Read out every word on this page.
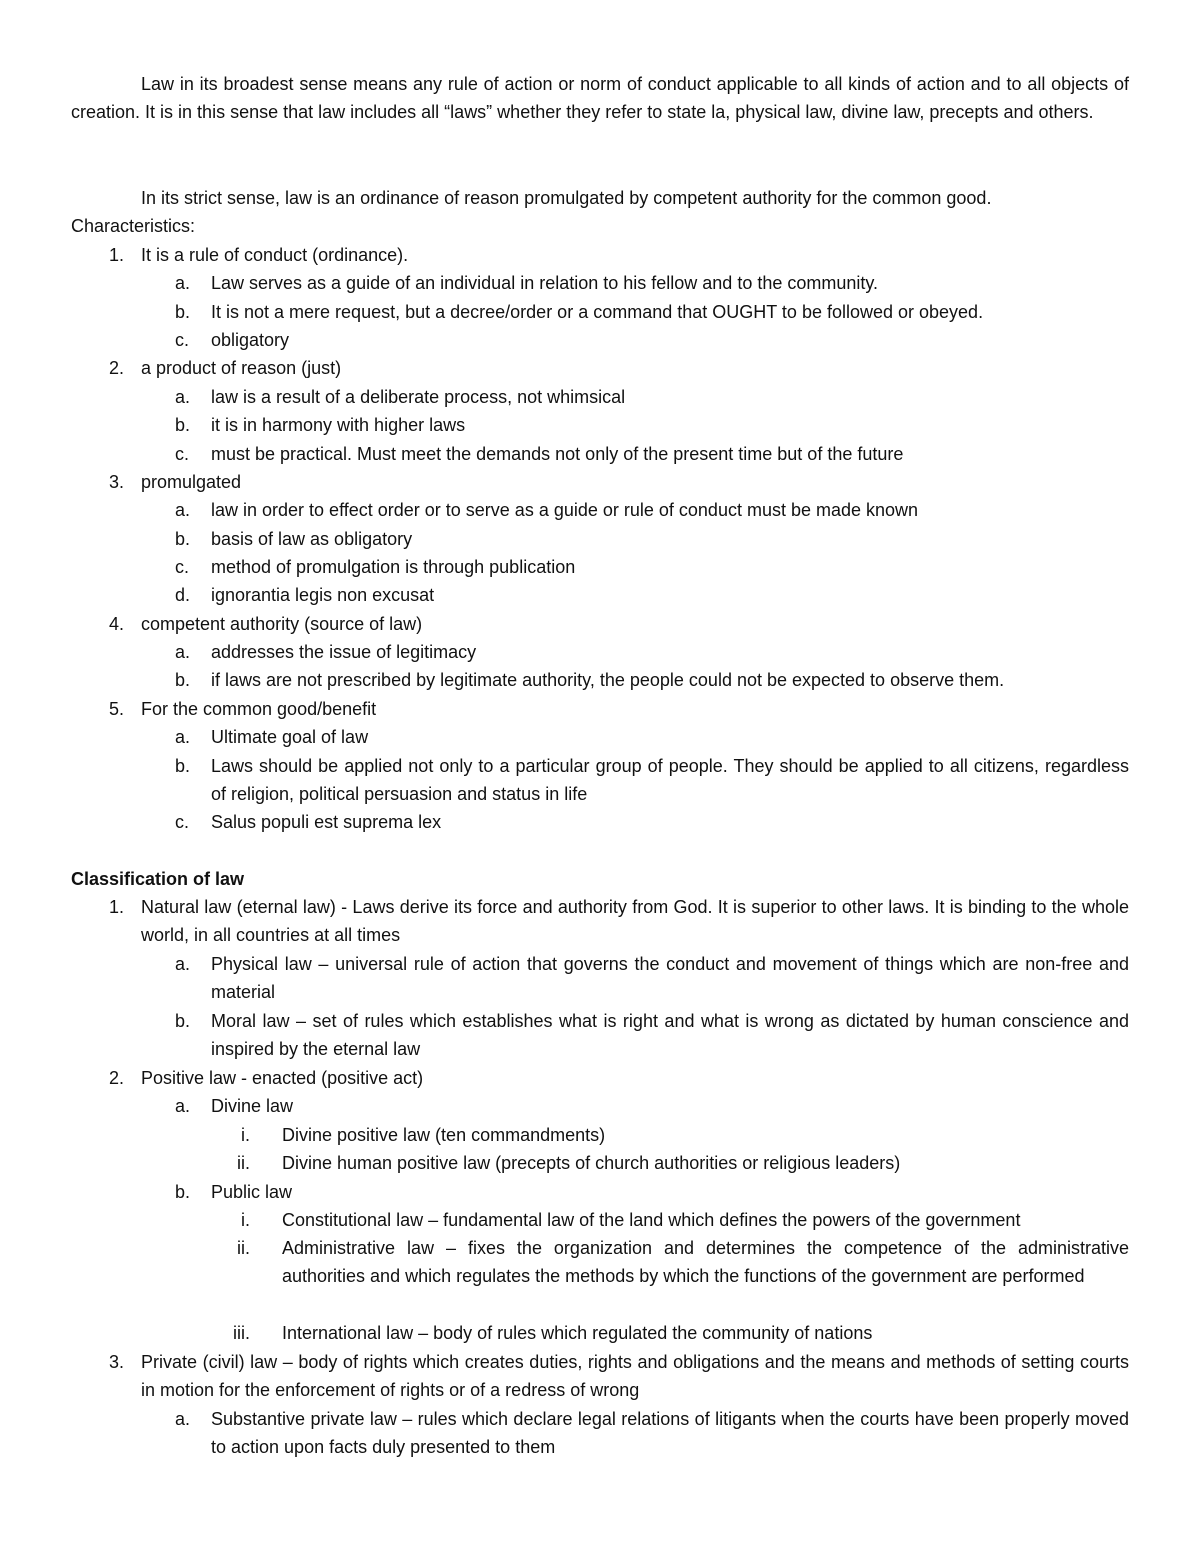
Law in its broadest sense means any rule of action or norm of conduct applicable to all kinds of action and to all objects of creation. It is in this sense that law includes all “laws” whether they refer to state la, physical law, divine law, precepts and others.

In its strict sense, law is an ordinance of reason promulgated by competent authority for the common good.

Characteristics:

1. It is a rule of conduct (ordinance).
a. Law serves as a guide of an individual in relation to his fellow and to the community.
b. It is not a mere request, but a decree/order or a command that OUGHT to be followed or obeyed.
c. obligatory
2. a product of reason (just)
a. law is a result of a deliberate process, not whimsical
b. it is in harmony with higher laws
c. must be practical. Must meet the demands not only of the present time but of the future
3. promulgated
a. law in order to effect order or to serve as a guide or rule of conduct must be made known
b. basis of law as obligatory
c. method of promulgation is through publication
d. ignorantia legis non excusat
4. competent authority (source of law)
a. addresses the issue of legitimacy
b. if laws are not prescribed by legitimate authority, the people could not be expected to observe them.
5. For the common good/benefit
a. Ultimate goal of law
b. Laws should be applied not only to a particular group of people. They should be applied to all citizens, regardless of religion, political persuasion and status in life

c. Salus populi est suprema lex

Classification of law

1. Natural law (eternal law) - Laws derive its force and authority from God. It is superior to other laws. It is binding to the whole world, in all countries at all times

a. Physical law – universal rule of action that governs the conduct and movement of things which are non-free and material

b. Moral law – set of rules which establishes what is right and what is wrong as dictated by human conscience and inspired by the eternal law

2. Positive law - enacted (positive act)
a. Divine law
i. Divine positive law (ten commandments)
ii. Divine human positive law (precepts of church authorities or religious leaders)
b. Public law
i. Constitutional law – fundamental law of the land which defines the powers of the government
ii. Administrative law – fixes the organization and determines the competence of the administrative authorities and which regulates the methods by which the functions of the government are performed

iii. International law – body of rules which regulated the community of nations
3. Private (civil) law – body of rights which creates duties, rights and obligations and the means and methods of setting courts in motion for the enforcement of rights or of a redress of wrong

a. Substantive private law – rules which declare legal relations of litigants when the courts have been properly moved to action upon facts duly presented to them
